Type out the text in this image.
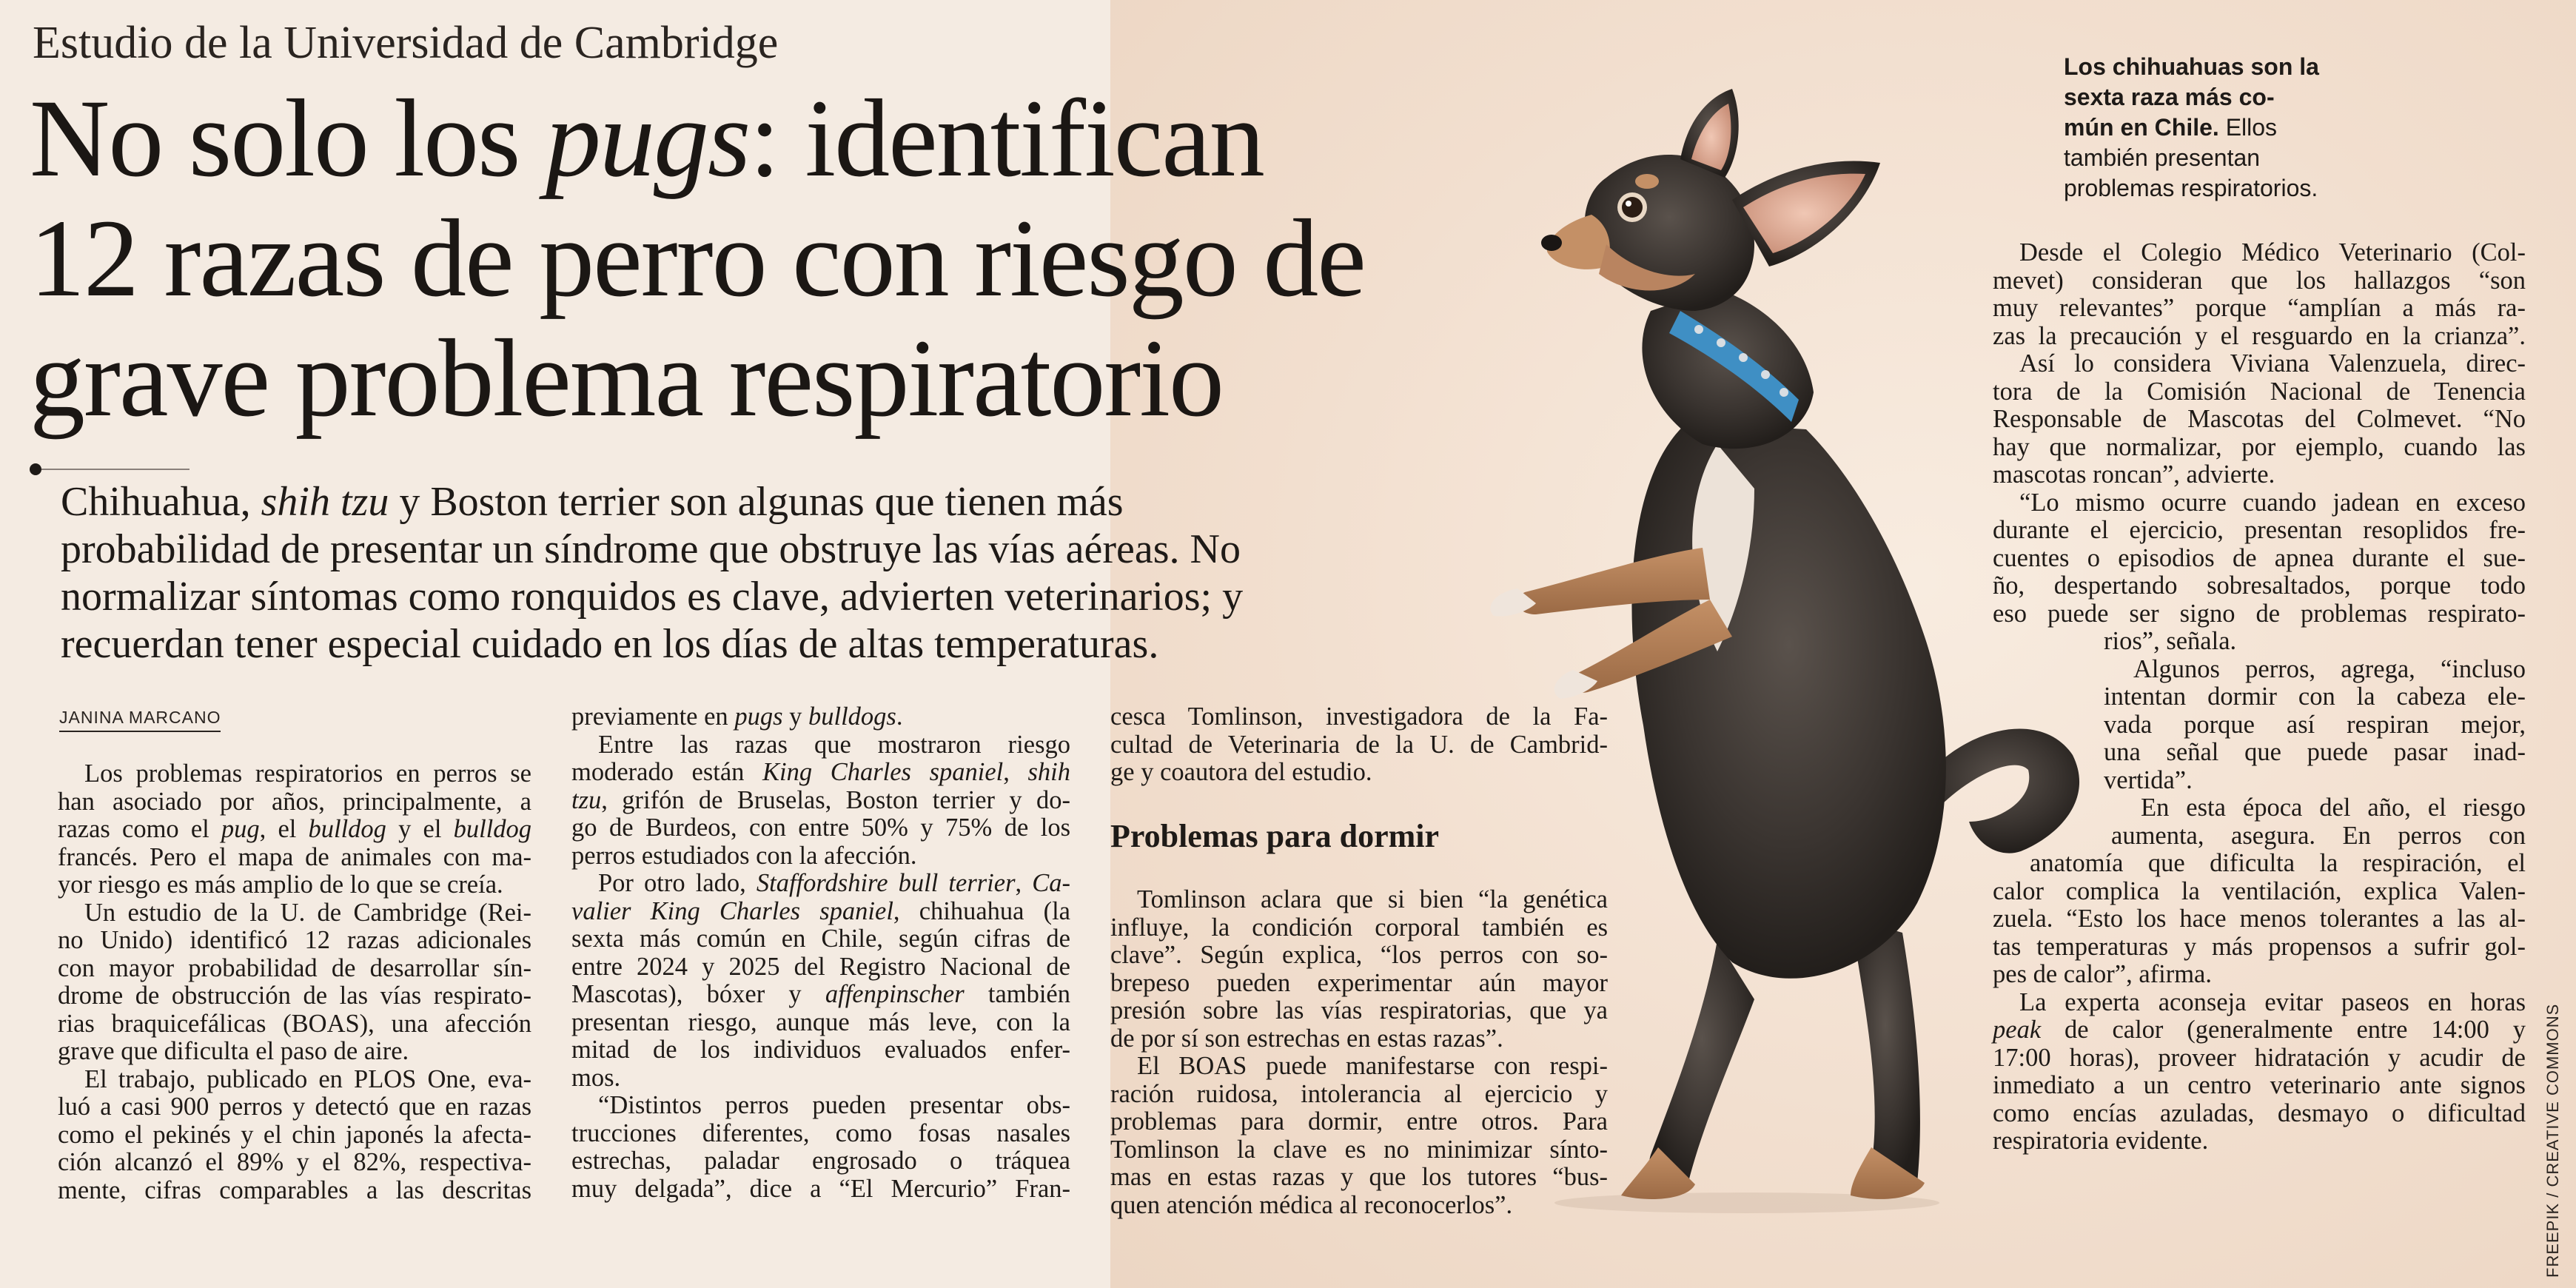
Estudio de la Universidad de Cambridge
No solo los pugs: identifican
12 razas de perro con riesgo de
grave problema respiratorio
Chihuahua, shih tzu y Boston terrier son algunas que tienen más
probabilidad de presentar un síndrome que obstruye las vías aéreas. No
normalizar síntomas como ronquidos es clave, advierten veterinarios; y
recuerdan tener especial cuidado en los días de altas temperaturas.
JANINA MARCANO
Los problemas respiratorios en perros se
han asociado por años, principalmente, a
razas como el pug, el bulldog y el bulldog
francés. Pero el mapa de animales con ma-
yor riesgo es más amplio de lo que se creía.
Un estudio de la U. de Cambridge (Rei-
no Unido) identificó 12 razas adicionales
con mayor probabilidad de desarrollar sín-
drome de obstrucción de las vías respirato-
rias braquicefálicas (BOAS), una afección
grave que dificulta el paso de aire.
El trabajo, publicado en PLOS One, eva-
luó a casi 900 perros y detectó que en razas
como el pekinés y el chin japonés la afecta-
ción alcanzó el 89% y el 82%, respectiva-
mente, cifras comparables a las descritas
previamente en pugs y bulldogs.
Entre las razas que mostraron riesgo
moderado están King Charles spaniel, shih
tzu, grifón de Bruselas, Boston terrier y do-
go de Burdeos, con entre 50% y 75% de los
perros estudiados con la afección.
Por otro lado, Staffordshire bull terrier, Ca-
valier King Charles spaniel, chihuahua (la
sexta más común en Chile, según cifras de
entre 2024 y 2025 del Registro Nacional de
Mascotas), bóxer y affenpinscher también
presentan riesgo, aunque más leve, con la
mitad de los individuos evaluados enfer-
mos.
“Distintos perros pueden presentar obs-
trucciones diferentes, como fosas nasales
estrechas, paladar engrosado o tráquea
muy delgada”, dice a “El Mercurio” Fran-
cesca Tomlinson, investigadora de la Fa-
cultad de Veterinaria de la U. de Cambrid-
ge y coautora del estudio.
Problemas para dormir
Tomlinson aclara que si bien “la genética
influye, la condición corporal también es
clave”. Según explica, “los perros con so-
brepeso pueden experimentar aún mayor
presión sobre las vías respiratorias, que ya
de por sí son estrechas en estas razas”.
El BOAS puede manifestarse con respi-
ración ruidosa, intolerancia al ejercicio y
problemas para dormir, entre otros. Para
Tomlinson la clave es no minimizar sínto-
mas en estas razas y que los tutores “bus-
quen atención médica al reconocerlos”.
Desde el Colegio Médico Veterinario (Col-
mevet) consideran que los hallazgos “son
muy relevantes” porque “amplían a más ra-
zas la precaución y el resguardo en la crianza”.
Así lo considera Viviana Valenzuela, direc-
tora de la Comisión Nacional de Tenencia
Responsable de Mascotas del Colmevet. “No
hay que normalizar, por ejemplo, cuando las
mascotas roncan”, advierte.
“Lo mismo ocurre cuando jadean en exceso
durante el ejercicio, presentan resoplidos fre-
cuentes o episodios de apnea durante el sue-
ño, despertando sobresaltados, porque todo
eso puede ser signo de problemas respirato-
rios”, señala.
Algunos perros, agrega, “incluso
intentan dormir con la cabeza ele-
vada porque así respiran mejor,
una señal que puede pasar inad-
vertida”.
En esta época del año, el riesgo
aumenta, asegura. En perros con
anatomía que dificulta la respiración, el
calor complica la ventilación, explica Valen-
zuela. “Esto los hace menos tolerantes a las al-
tas temperaturas y más propensos a sufrir gol-
pes de calor”, afirma.
La experta aconseja evitar paseos en horas
peak de calor (generalmente entre 14:00 y
17:00 horas), proveer hidratación y acudir de
inmediato a un centro veterinario ante signos
como encías azuladas, desmayo o dificultad
respiratoria evidente.
Los chihuahuas son la
sexta raza más co-
mún en Chile. Ellos
también presentan
problemas respiratorios.
FREEPIK / CREATIVE COMMONS
